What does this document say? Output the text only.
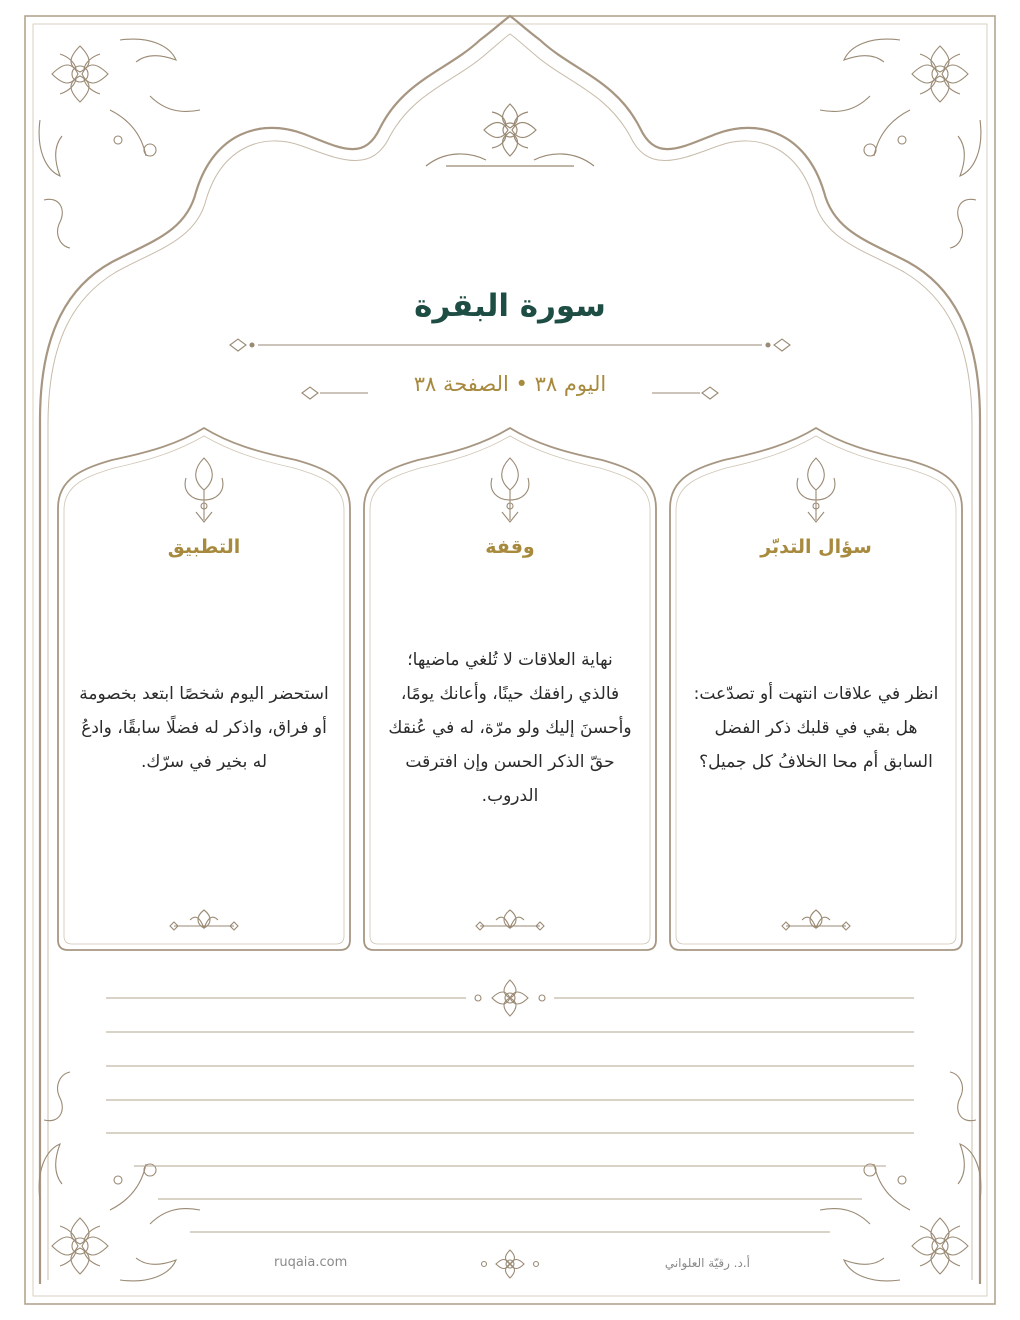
سورة البقرة
اليوم ٣٨ • الصفحة ٣٨
سؤال التدبّر
وقفة
التطبيق
انظر في علاقات انتهت أو تصدّعت: هل بقي في قلبك ذكر الفضل السابق أم محا الخلافُ كل جميل؟
نهاية العلاقات لا تُلغي ماضيها؛ فالذي رافقك حينًا، وأعانك يومًا، وأحسنَ إليك ولو مرّة، له في عُنقك حقّ الذكر الحسن وإن افترقت الدروب.
استحضر اليوم شخصًا ابتعد بخصومة أو فراق، واذكر له فضلًا سابقًا، وادعُ له بخير في سرّك.
ruqaia.com	أ.د. رقيّة العلواني
